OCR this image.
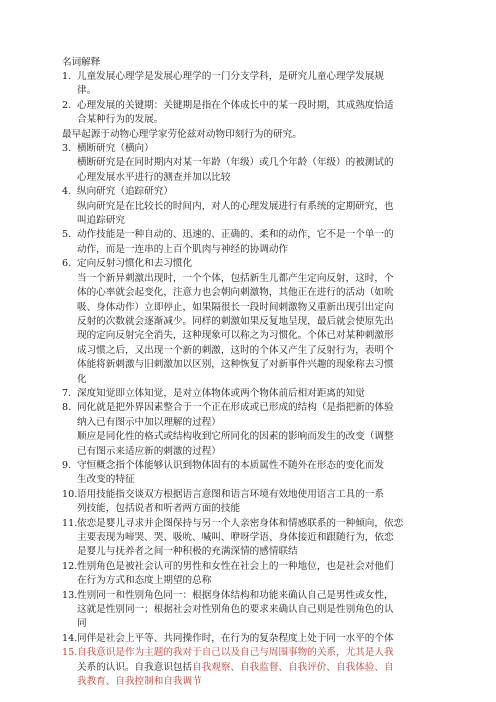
名词解释
1. 儿童发展心理学是发展心理学的一门分支学科，是研究儿童心理学发展规
律。
2. 心理发展的关键期：关键期是指在个体成长中的某一段时期，其成熟度恰适
合某种行为的发展。
最早起源于动物心理学家劳伦兹对动物印刻行为的研究。
3. 横断研究（横向）
横断研究是在同时期内对某一年龄（年级）或几个年龄（年级）的被测试的
心理发展水平进行的测查并加以比较
4. 纵向研究（追踪研究）
纵向研究是在比较长的时间内，对人的心理发展进行有系统的定期研究，也
叫追踪研究
5. 动作技能是一种自动的、迅速的、正确的、柔和的动作，它不是一个单一的
动作，而是一连串的上百个肌肉与神经的协调动作
6. 定向反射习惯化和去习惯化
当一个新异刺激出现时，一个个体，包括新生儿都产生定向反射，这时，个
体的心率就会起变化，注意力也会朝向刺激物，其他正在进行的活动（如吮
吸、身体动作）立即停止，如果隔很长一段时间刺激物又重新出现引出定向
反射的次数就会逐渐减少。同样的刺激如果反复地呈现，最后就会使原先出
现的定向反射完全消失，这种现象可以称之为习惯化。个体已对某种刺激形
成习惯之后，又出现一个新的刺激，这时的个体又产生了反射行为，表明个
体能将新刺激与旧刺激加以区别，这种恢复了对新事件兴趣的现象称去习惯
化
7. 深度知觉即立体知觉，是对立体物体或两个物体前后相对距离的知觉
8. 同化就是把外界因素整合于一个正在形成或已形成的结构（是指把新的体验
纳入已有图示中加以理解的过程）
顺应是同化性的格式或结构收到它所同化的因素的影响而发生的改变（调整
已有图示来适应新的刺激的过程）
9. 守恒概念指个体能够认识到物体固有的本质属性不随外在形态的变化而发
生改变的特征
10. 语用技能指交谈双方根据语言意图和语言环境有效地使用语言工具的一系
列技能，包括说者和听者两方面的技能
11. 依恋是婴儿寻求并企图保持与另一个人亲密身体和情感联系的一种倾向，依恋
主要表现为啼哭、哭、吸吮、喊叫、咿呀学语、身体接近和跟随行为，依恋
是婴儿与抚养者之间一种积极的充满深情的感情联结
12. 性别角色是被社会认可的男性和女性在社会上的一种地位，也是社会对他们
在行为方式和态度上期望的总称
13. 性别同一和性别角色同一：根据身体结构和功能来确认自己是男性或女性，
这就是性别同一；根据社会对性别角色的要求来确认自己则是性别角色的认
同
14. 同伴是社会上平等、共同操作时，在行为的复杂程度上处于同一水平的个体
15. 自我意识是作为主题的我对于自己以及自己与周围事物的关系，尤其是人我
关系的认识。自我意识包括自我观察、自我监督、自我评价、自我体验、自
我教育、自我控制和自我调节
